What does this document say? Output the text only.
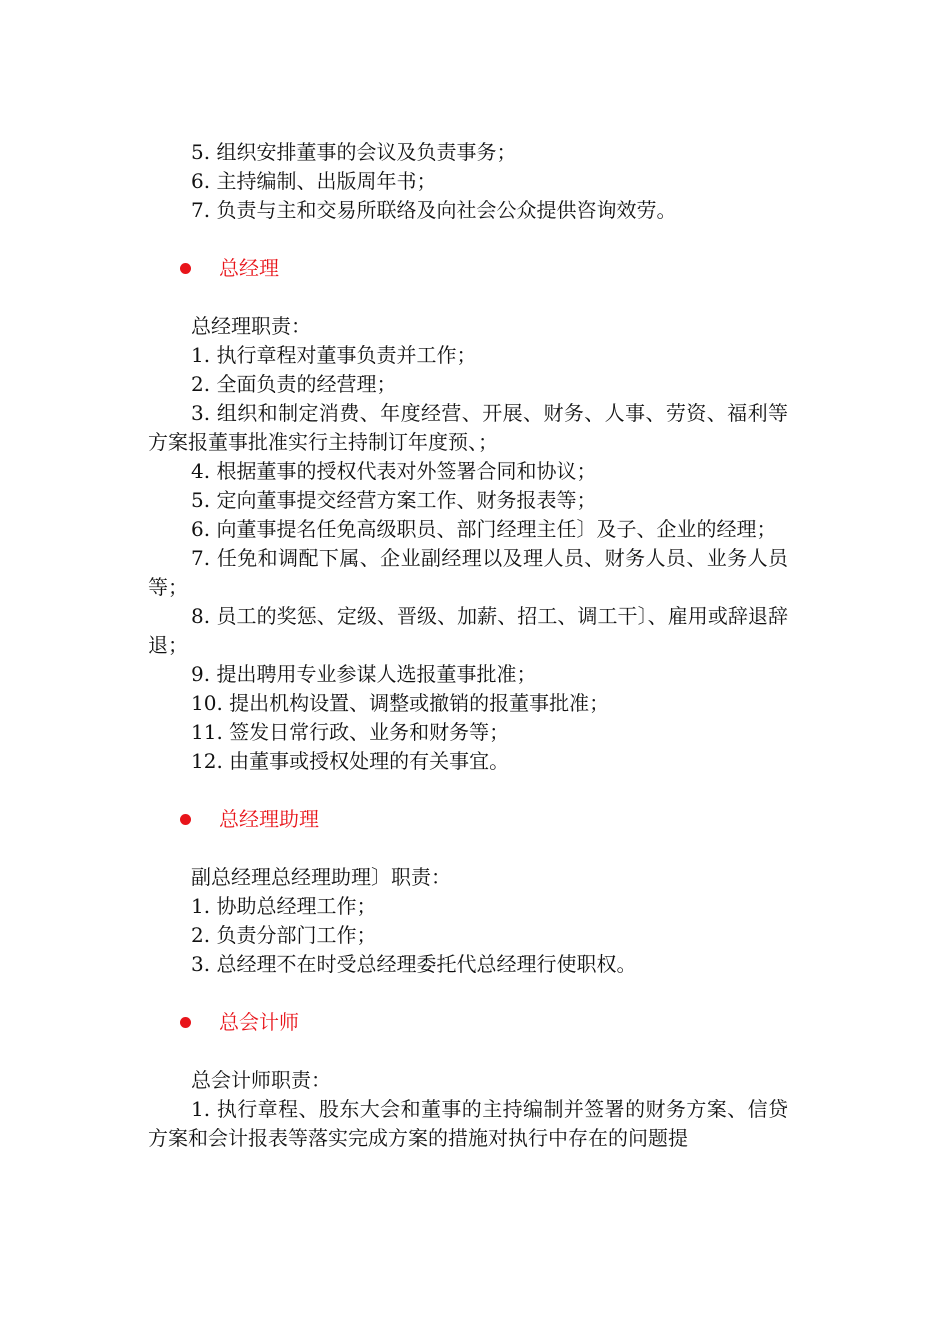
5. 组织安排董事的会议及负责事务；

6. 主持编制、出版周年书；

7. 负责与主和交易所联络及向社会公众提供咨询效劳。

总经理

总经理职责：

1. 执行章程对董事负责并工作；

2. 全面负责的经营理；

3. 组织和制定消费、年度经营、开展、财务、人事、劳资、福利等方案报董事批准实行主持制订年度预、；

4. 根据董事的授权代表对外签署合同和协议；

5. 定向董事提交经营方案工作、财务报表等；

6. 向董事提名任免高级职员、部门经理主任〕及子、企业的经理；

7. 任免和调配下属、企业副经理以及理人员、财务人员、业务人员等；

8. 员工的奖惩、定级、晋级、加薪、招工、调工干〕、雇用或辞退辞退；

9. 提出聘用专业参谋人选报董事批准；

10. 提出机构设置、调整或撤销的报董事批准；

11. 签发日常行政、业务和财务等；

12. 由董事或授权处理的有关事宜。

总经理助理

副总经理总经理助理〕职责：

1. 协助总经理工作；

2. 负责分部门工作；

3. 总经理不在时受总经理委托代总经理行使职权。

总会计师

总会计师职责：

1. 执行章程、股东大会和董事的主持编制并签署的财务方案、信贷方案和会计报表等落实完成方案的措施对执行中存在的问题提
